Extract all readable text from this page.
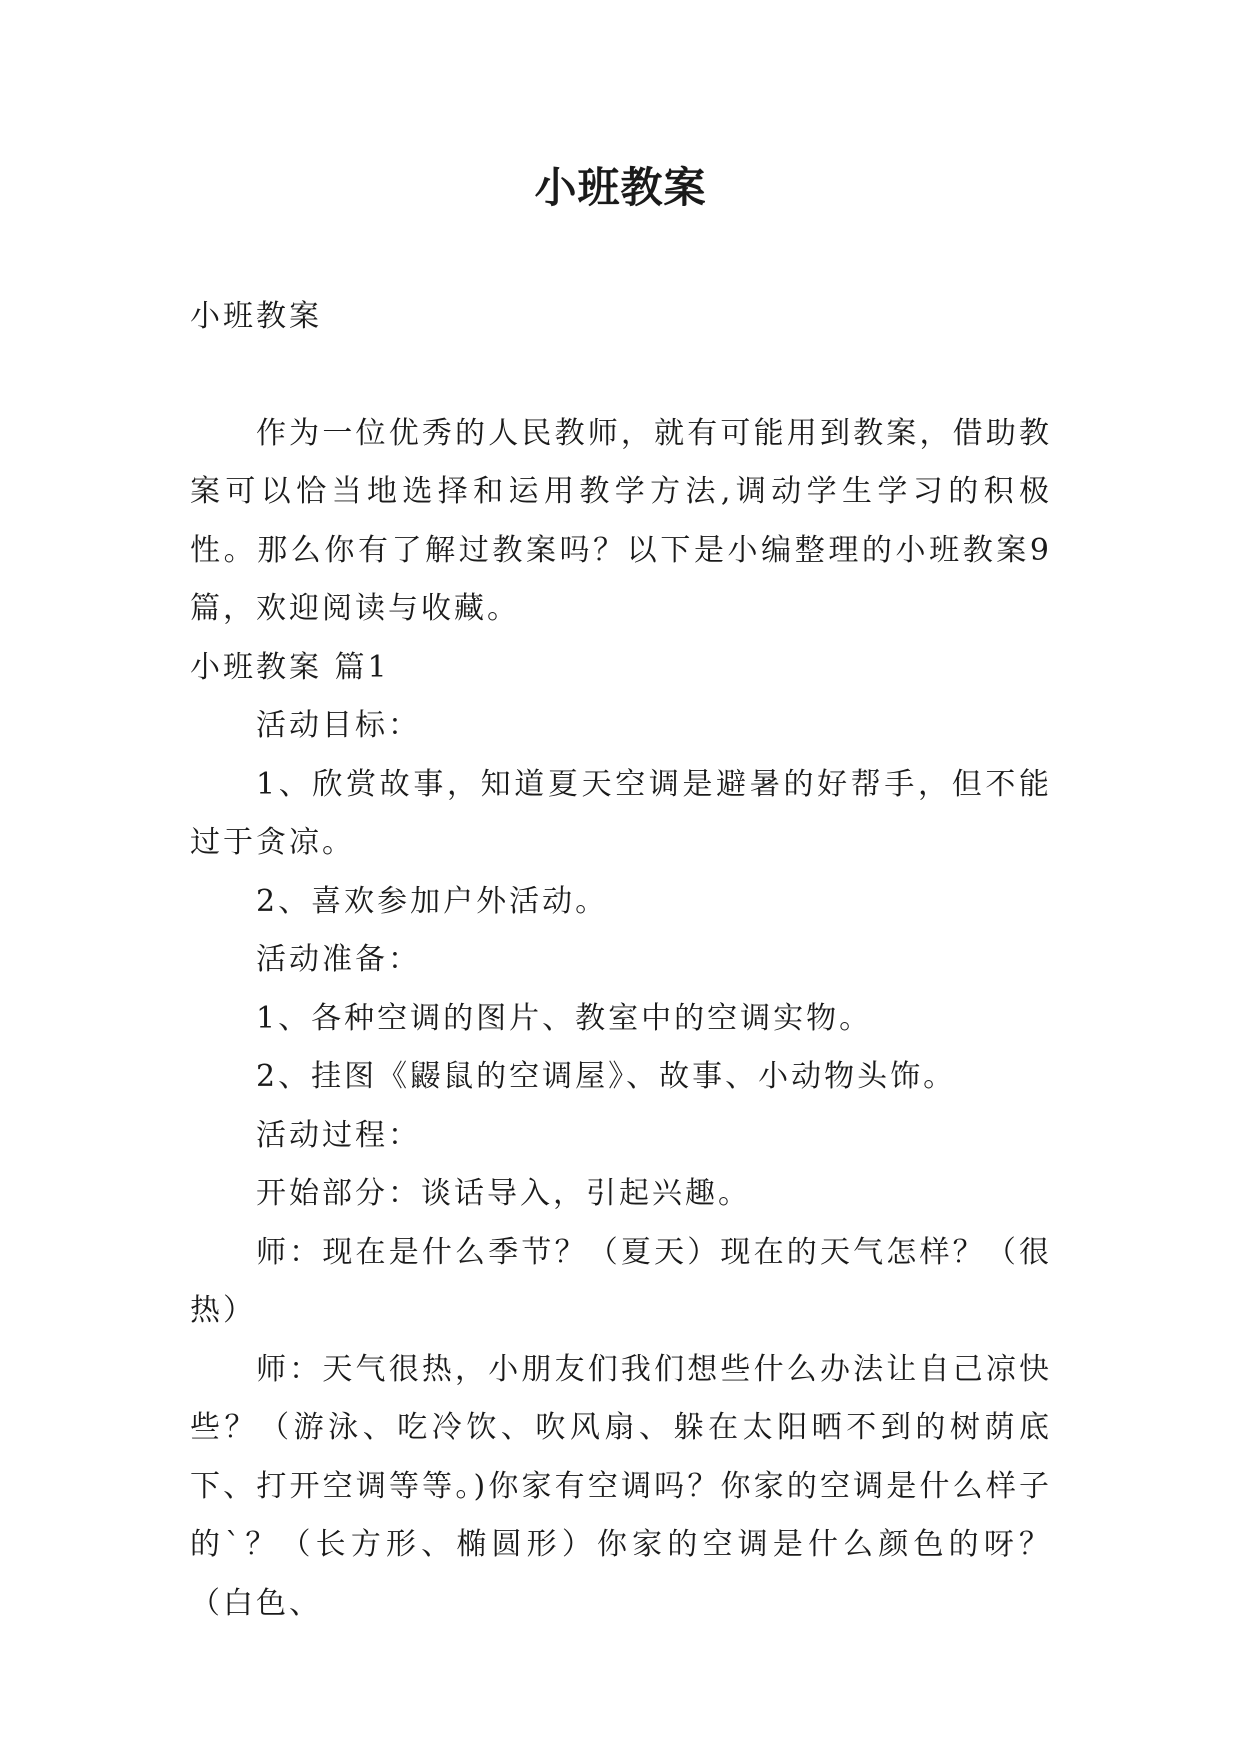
小班教案

小班教案

作为一位优秀的人民教师，就有可能用到教案，借助教案可以恰当地选择和运用教学方法,调动学生学习的积极性。那么你有了解过教案吗？以下是小编整理的小班教案9篇，欢迎阅读与收藏。

小班教案 篇1

活动目标：

1、欣赏故事，知道夏天空调是避暑的好帮手，但不能过于贪凉。

2、喜欢参加户外活动。

活动准备：

1、各种空调的图片、教室中的空调实物。

2、挂图《鼹鼠的空调屋》、故事、小动物头饰。

活动过程：

开始部分：谈话导入，引起兴趣。

师：现在是什么季节？（夏天）现在的天气怎样？（很热）

师：天气很热，小朋友们我们想些什么办法让自己凉快些？（游泳、吃冷饮、吹风扇、躲在太阳晒不到的树荫底下、打开空调等等。)你家有空调吗？你家的空调是什么样子的`？（长方形、椭圆形）你家的空调是什么颜色的呀？（白色、
